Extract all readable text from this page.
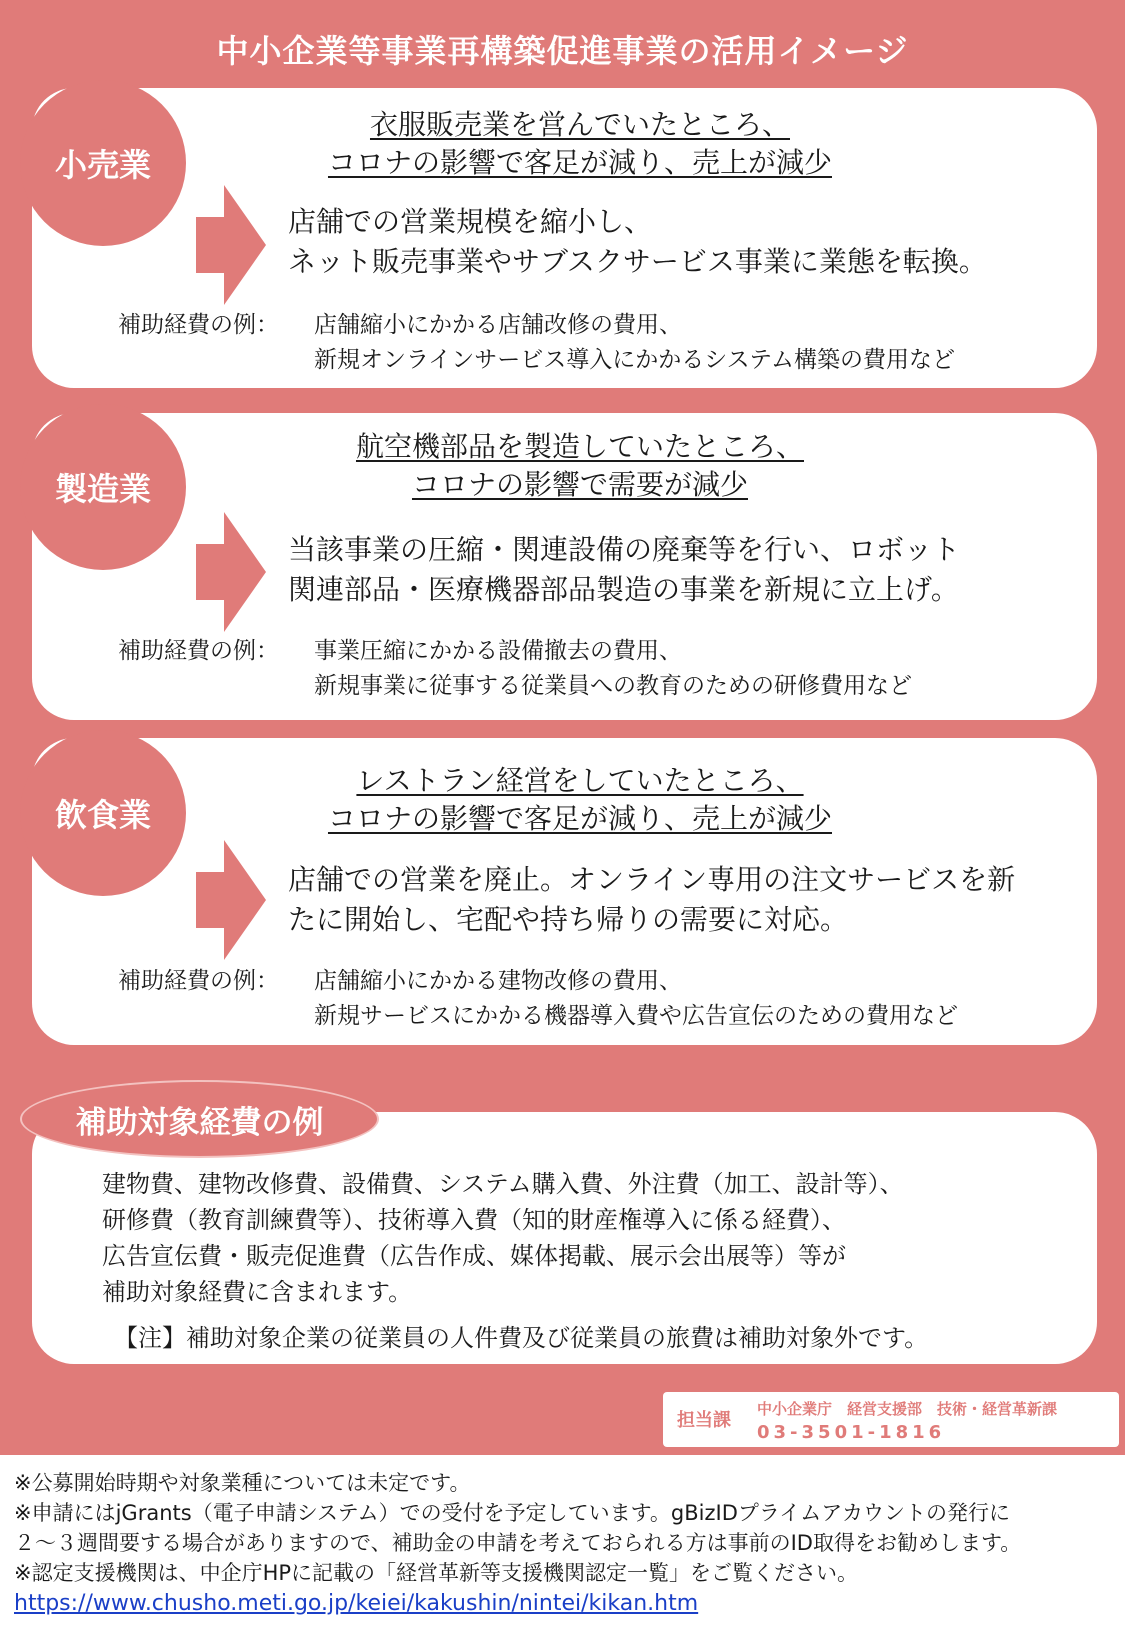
中小企業等事業再構築促進事業の活用イメージ
小売業
衣服販売業を営んでいたところ、
コロナの影響で客足が減り、売上が減少
店舗での営業規模を縮小し、
ネット販売事業やサブスクサービス事業に業態を転換。
補助経費の例： 店舗縮小にかかる店舗改修の費用、
新規オンラインサービス導入にかかるシステム構築の費用など
製造業
航空機部品を製造していたところ、
コロナの影響で需要が減少
当該事業の圧縮・関連設備の廃棄等を行い、ロボット
関連部品・医療機器部品製造の事業を新規に立上げ。
補助経費の例： 事業圧縮にかかる設備撤去の費用、
新規事業に従事する従業員への教育のための研修費用など
飲食業
レストラン経営をしていたところ、
コロナの影響で客足が減り、売上が減少
店舗での営業を廃止。オンライン専用の注文サービスを新
たに開始し、宅配や持ち帰りの需要に対応。
補助経費の例： 店舗縮小にかかる建物改修の費用、
新規サービスにかかる機器導入費や広告宣伝のための費用など
補助対象経費の例
建物費、建物改修費、設備費、システム購入費、外注費（加工、設計等）、
研修費（教育訓練費等）、技術導入費（知的財産権導入に係る経費）、
広告宣伝費・販売促進費（広告作成、媒体掲載、展示会出展等）等が
補助対象経費に含まれます。
【注】補助対象企業の従業員の人件費及び従業員の旅費は補助対象外です。
担当課
中小企業庁　経営支援部　技術・経営革新課
03-3501-1816
※公募開始時期や対象業種については未定です。
※申請にはjGrants（電子申請システム）での受付を予定しています。gBizIDプライムアカウントの発行に
２～３週間要する場合がありますので、補助金の申請を考えておられる方は事前のID取得をお勧めします。
※認定支援機関は、中企庁HPに記載の「経営革新等支援機関認定一覧」をご覧ください。
https://www.chusho.meti.go.jp/keiei/kakushin/nintei/kikan.htm
